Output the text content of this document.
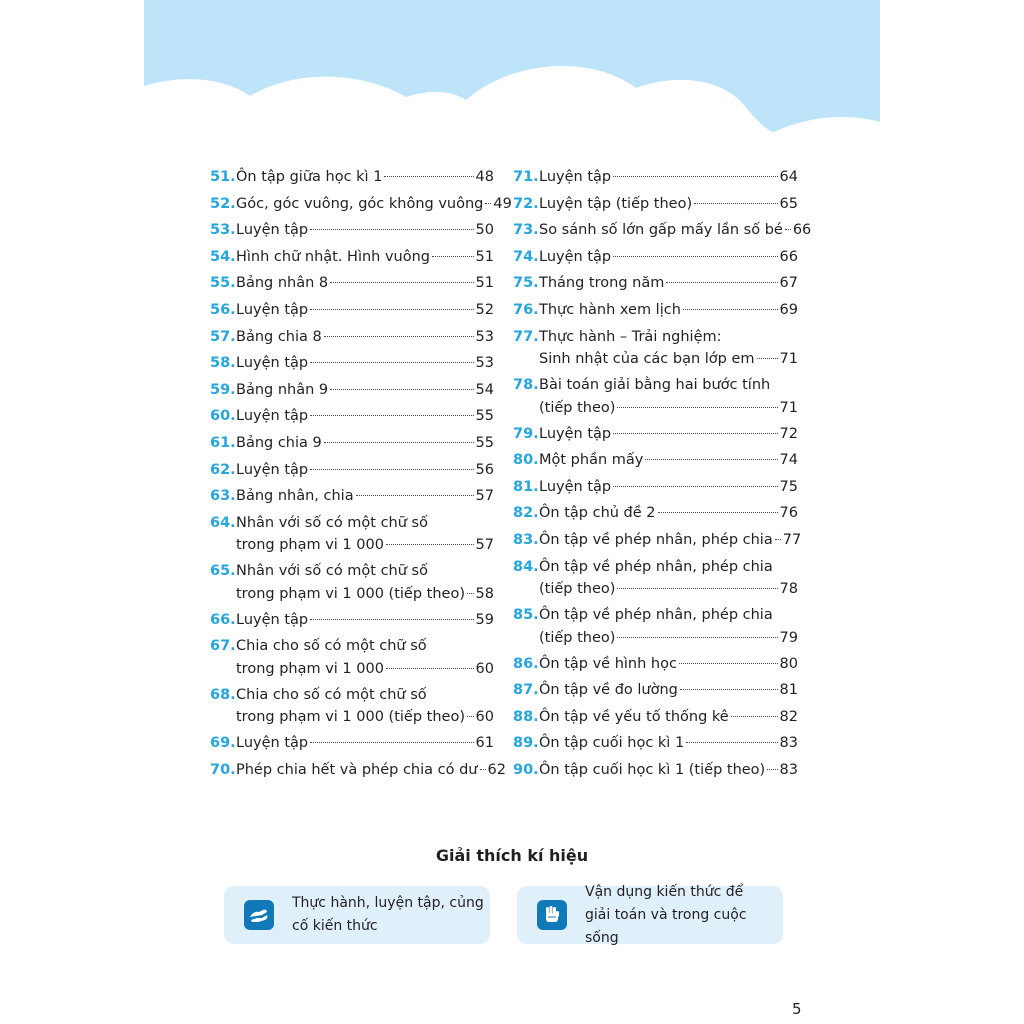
51. Ôn tập giữa học kì 1	48
52. Góc, góc vuông, góc không vuông 49
53. Luyện tập	50
54. Hình chữ nhật. Hình vuông	51
55. Bảng nhân 8	51
56. Luyện tập	52
57. Bảng chia 8	53
58. Luyện tập	53
59. Bảng nhân 9	54
60. Luyện tập	55
61. Bảng chia 9	55
62. Luyện tập	56
63. Bảng nhân, chia	57
64. Nhân với số có một chữ số
trong phạm vi 1 000	57
65. Nhân với số có một chữ số
trong phạm vi 1 000 (tiếp theo) 58
66. Luyện tập	59
67. Chia cho số có một chữ số
trong phạm vi 1 000	60
68. Chia cho số có một chữ số
trong phạm vi 1 000 (tiếp theo) 60
69. Luyện tập	61
70. Phép chia hết và phép chia có dư 62
71. Luyện tập	64
72. Luyện tập (tiếp theo)	65
73. So sánh số lớn gấp mấy lần số bé 66
74. Luyện tập	66
75. Tháng trong năm	67
76. Thực hành xem lịch	69
77. Thực hành – Trải nghiệm:
Sinh nhật của các bạn lớp em 71
78. Bài toán giải bằng hai bước tính
(tiếp theo)	71
79. Luyện tập	72
80. Một phần mấy	74
81. Luyện tập	75
82. Ôn tập chủ đề 2	76
83. Ôn tập về phép nhân, phép chia 77
84. Ôn tập về phép nhân, phép chia
(tiếp theo)	78
85. Ôn tập về phép nhân, phép chia
(tiếp theo)	79
86. Ôn tập về hình học	80
87. Ôn tập về đo lường	81
88. Ôn tập về yếu tố thống kê	82
89. Ôn tập cuối học kì 1	83
90. Ôn tập cuối học kì 1 (tiếp theo) 83
Giải thích kí hiệu
Thực hành, luyện tập, củng
cố kiến thức
Vận dụng kiến thức để
giải toán và trong cuộc sống
5
